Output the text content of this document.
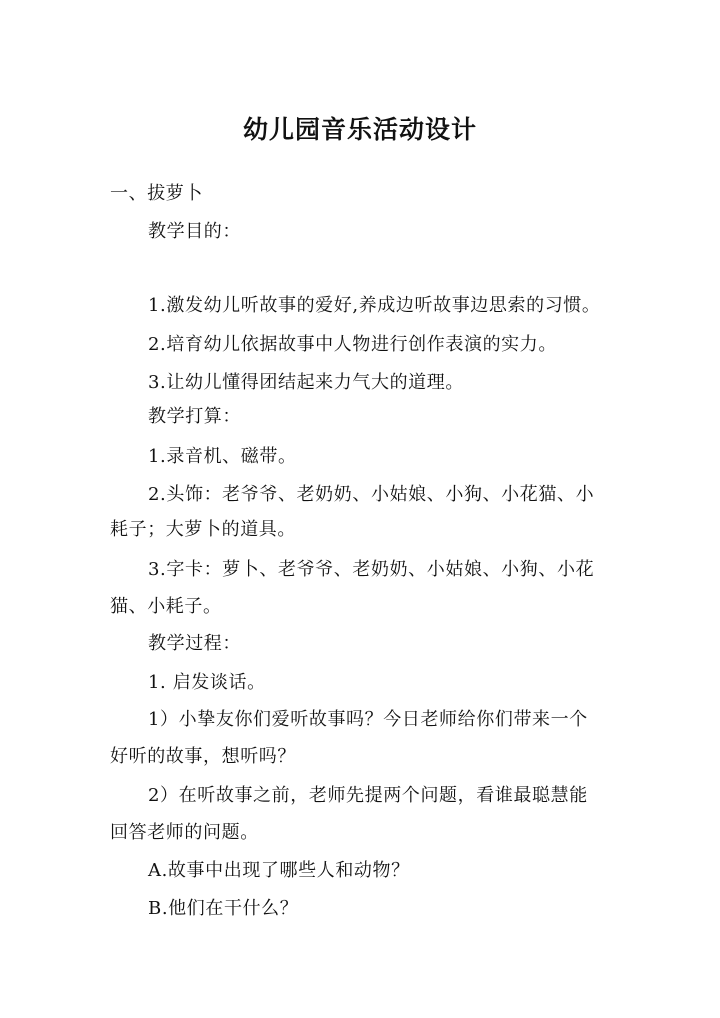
幼儿园音乐活动设计
一、拔萝卜
教学目的：
1.激发幼儿听故事的爱好,养成边听故事边思索的习惯。
2.培育幼儿依据故事中人物进行创作表演的实力。
3.让幼儿懂得团结起来力气大的道理。
教学打算：
1.录音机、磁带。
2.头饰：老爷爷、老奶奶、小姑娘、小狗、小花猫、小
耗子；大萝卜的道具。
3.字卡：萝卜、老爷爷、老奶奶、小姑娘、小狗、小花
猫、小耗子。
教学过程：
1. 启发谈话。
1）小挚友你们爱听故事吗？今日老师给你们带来一个
好听的故事，想听吗？
2）在听故事之前，老师先提两个问题，看谁最聪慧能
回答老师的问题。
A.故事中出现了哪些人和动物？
B.他们在干什么？
